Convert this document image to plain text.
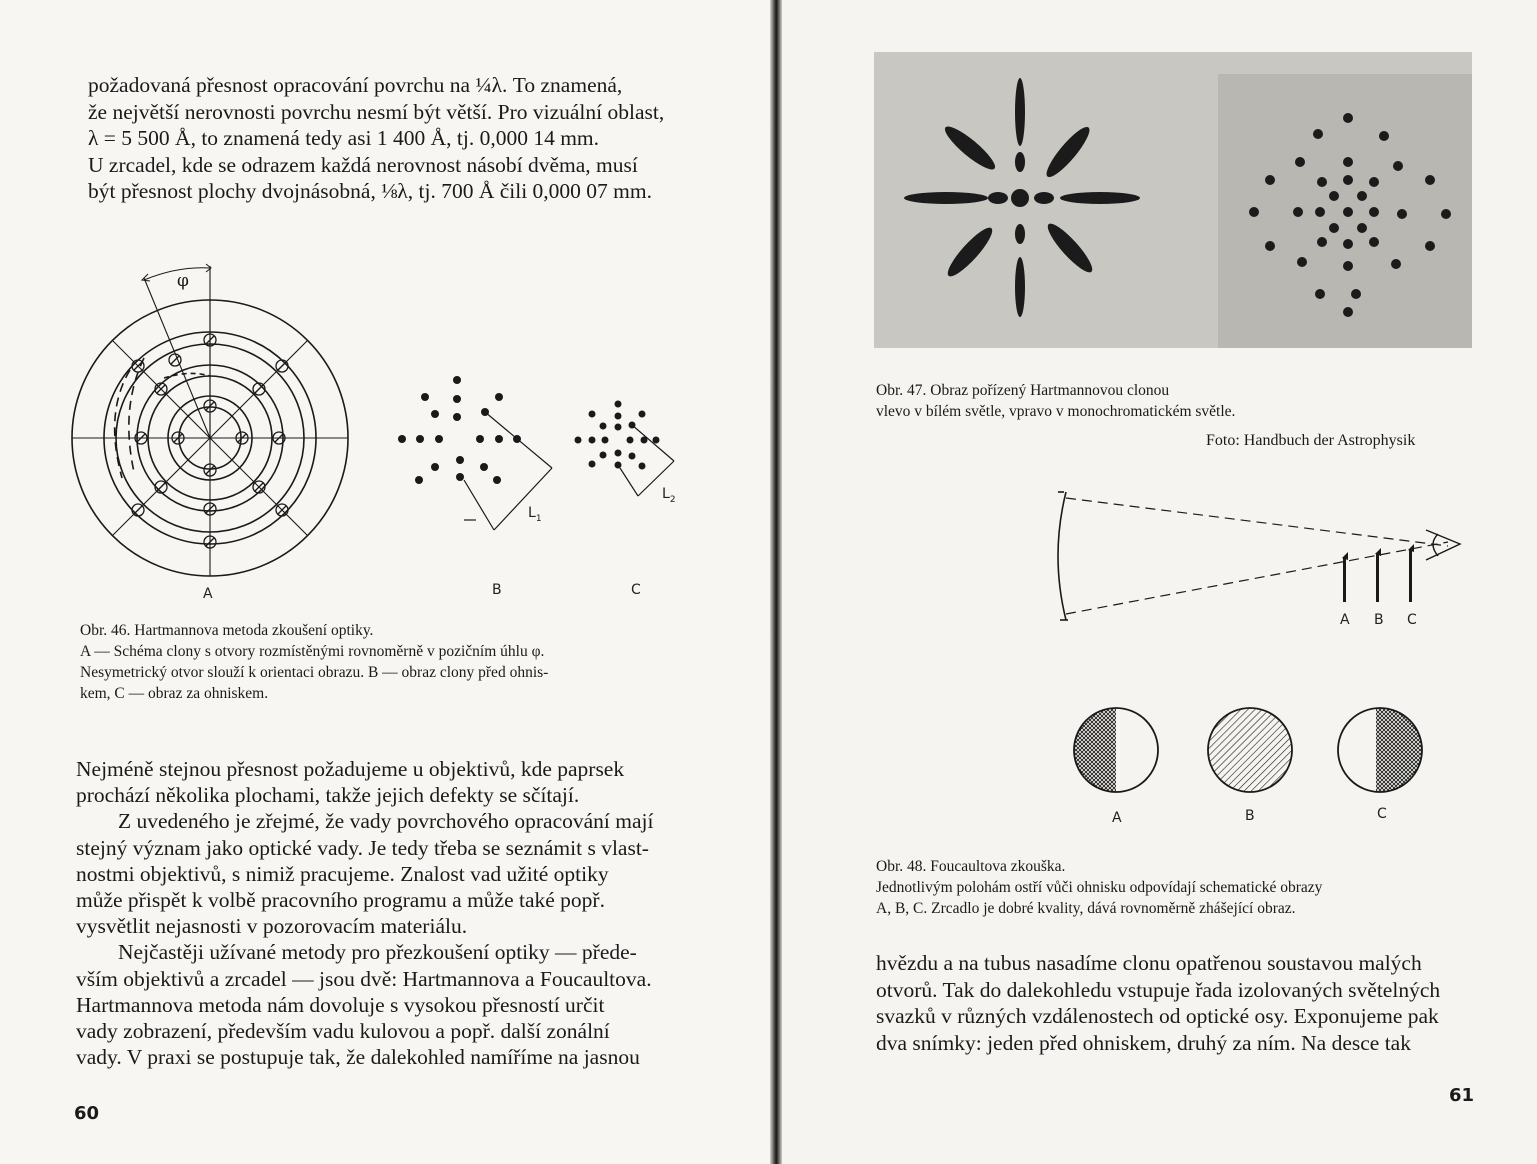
požadovaná přesnost opracování povrchu na ¼λ. To znamená,
že největší nerovnosti povrchu nesmí být větší. Pro vizuální oblast,
λ = 5 500 Å, to znamená tedy asi 1 400 Å, tj. 0,000 14 mm.
U zrcadel, kde se odrazem každá nerovnost násobí dvěma, musí
být přesnost plochy dvojnásobná, ⅛λ, tj. 700 Å čili 0,000 07 mm.
φ
$L_1$
$L_2$
A	B	C
Obr. 46. Hartmannova metoda zkoušení optiky.
A — Schéma clony s otvory rozmístěnými rovnoměrně v pozičním úhlu φ.
Nesymetrický otvor slouží k orientaci obrazu. B — obraz clony před ohnis-
kem, C — obraz za ohniskem.
Nejméně stejnou přesnost požadujeme u objektivů, kde paprsek
prochází několika plochami, takže jejich defekty se sčítají.
Z uvedeného je zřejmé, že vady povrchového opracování mají
stejný význam jako optické vady. Je tedy třeba se seznámit s vlast-
nostmi objektivů, s nimiž pracujeme. Znalost vad užité optiky
může přispět k volbě pracovního programu a může také popř.
vysvětlit nejasnosti v pozorovacím materiálu.
Nejčastěji užívané metody pro přezkoušení optiky — přede-
vším objektivů a zrcadel — jsou dvě: Hartmannova a Foucaultova.
Hartmannova metoda nám dovoluje s vysokou přesností určit
vady zobrazení, především vadu kulovou a popř. další zonální
vady. V praxi se postupuje tak, že dalekohled namíříme na jasnou
60
Obr. 47. Obraz pořízený Hartmannovou clonou
vlevo v bílém světle, vpravo v monochromatickém světle.
Foto: Handbuch der Astrophysik
A B C
A	B	C
Obr. 48. Foucaultova zkouška.
Jednotlivým polohám ostří vůči ohnisku odpovídají schematické obrazy
A, B, C. Zrcadlo je dobré kvality, dává rovnoměrně zhášející obraz.
hvězdu a na tubus nasadíme clonu opatřenou soustavou malých
otvorů. Tak do dalekohledu vstupuje řada izolovaných světelných
svazků v různých vzdálenostech od optické osy. Exponujeme pak
dva snímky: jeden před ohniskem, druhý za ním. Na desce tak
61
